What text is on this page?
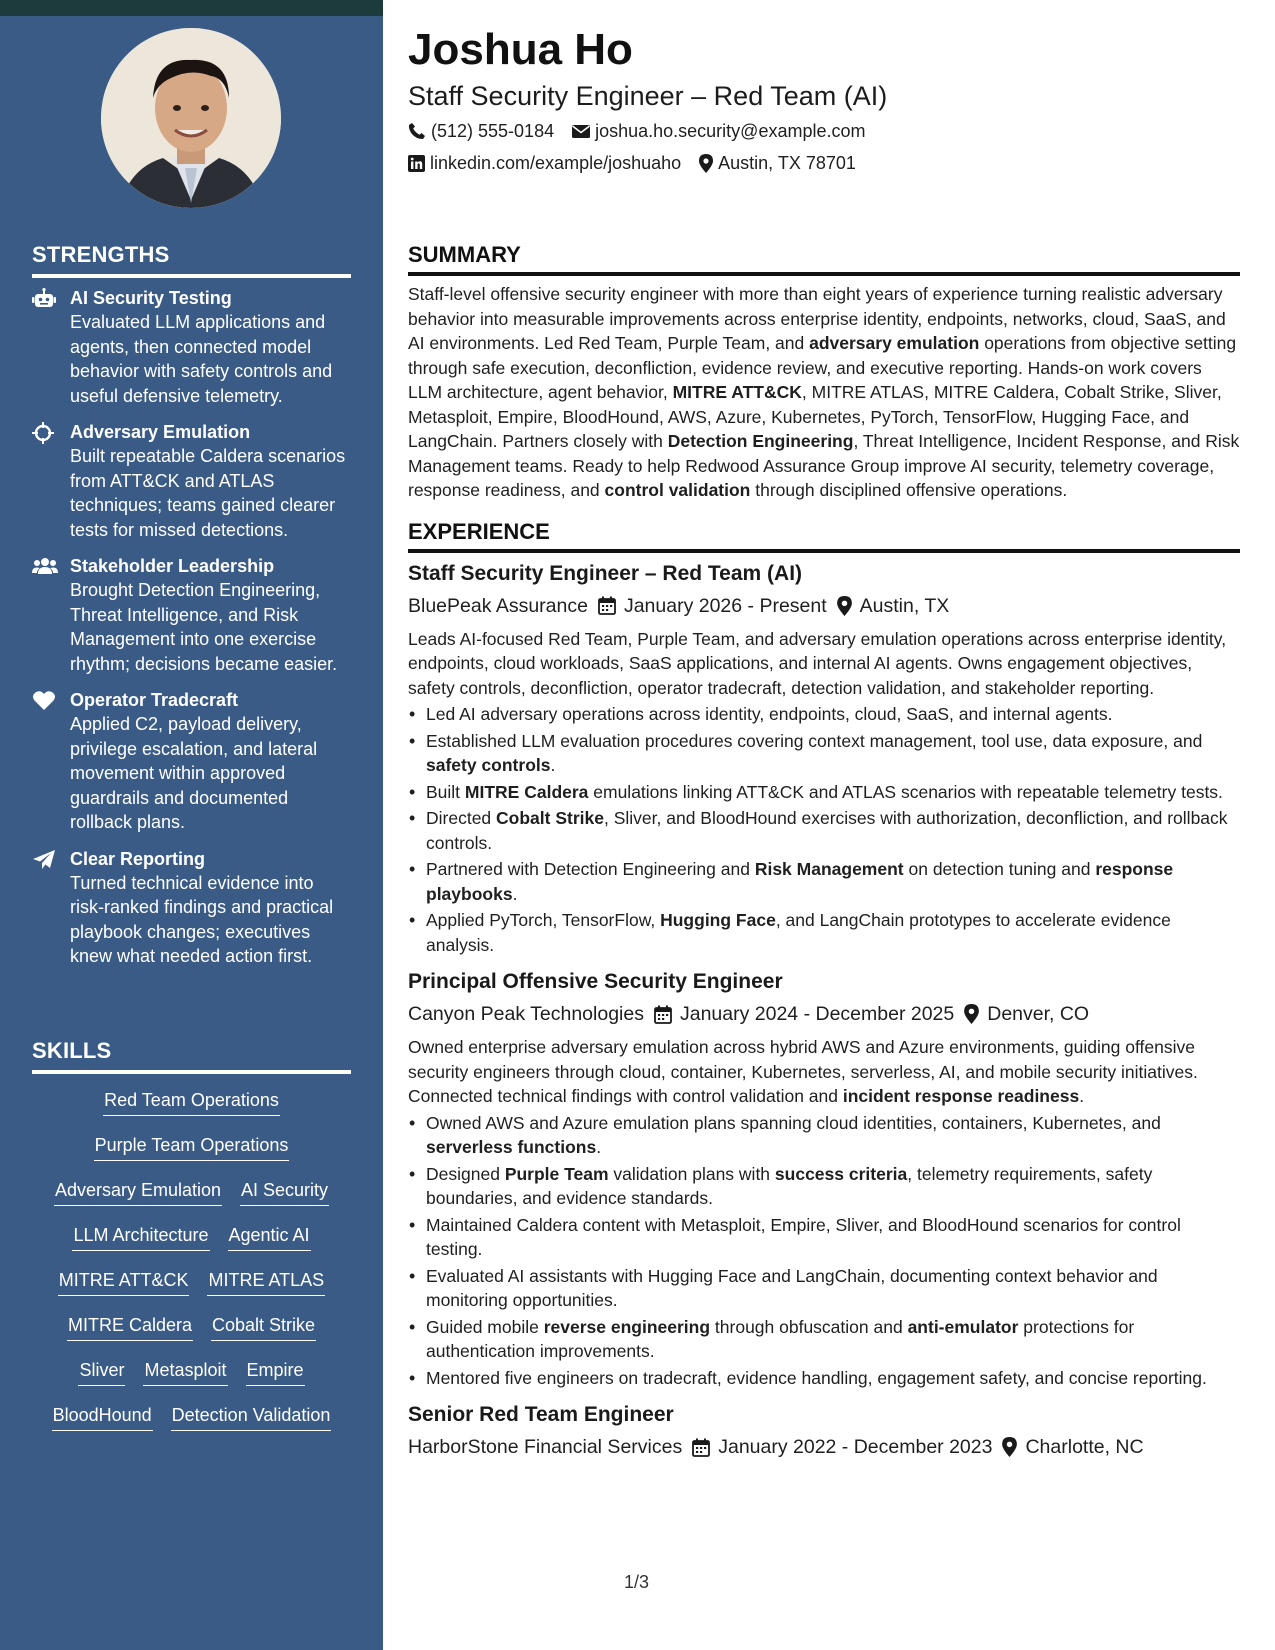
STRENGTHS
AI Security Testing
Evaluated LLM applications and agents, then connected model behavior with safety controls and useful defensive telemetry.
Adversary Emulation
Built repeatable Caldera scenarios from ATT&CK and ATLAS techniques; teams gained clearer tests for missed detections.
Stakeholder Leadership
Brought Detection Engineering, Threat Intelligence, and Risk Management into one exercise rhythm; decisions became easier.
Operator Tradecraft
Applied C2, payload delivery, privilege escalation, and lateral movement within approved guardrails and documented rollback plans.
Clear Reporting
Turned technical evidence into risk-ranked findings and practical playbook changes; executives knew what needed action first.
SKILLS
Red Team Operations
Purple Team Operations
Adversary Emulation AI Security
LLM Architecture Agentic AI
MITRE ATT&CK MITRE ATLAS
MITRE Caldera Cobalt Strike
Sliver Metasploit Empire
BloodHound Detection Validation
Joshua Ho
Staff Security Engineer – Red Team (AI)
(512) 555-0184 joshua.ho.security@example.com
linkedin.com/example/joshuaho Austin, TX 78701
SUMMARY

Staff-level offensive security engineer with more than eight years of experience turning realistic adversary behavior into measurable improvements across enterprise identity, endpoints, networks, cloud, SaaS, and AI environments. Led Red Team, Purple Team, and adversary emulation operations from objective setting through safe execution, deconfliction, evidence review, and executive reporting. Hands-on work covers LLM architecture, agent behavior, MITRE ATT&CK, MITRE ATLAS, MITRE Caldera, Cobalt Strike, Sliver, Metasploit, Empire, BloodHound, AWS, Azure, Kubernetes, PyTorch, TensorFlow, Hugging Face, and LangChain. Partners closely with Detection Engineering, Threat Intelligence, Incident Response, and Risk Management teams. Ready to help Redwood Assurance Group improve AI security, telemetry coverage, response readiness, and control validation through disciplined offensive operations.

EXPERIENCE
Staff Security Engineer – Red Team (AI)
BluePeak Assurance January 2026 - Present Austin, TX

Leads AI-focused Red Team, Purple Team, and adversary emulation operations across enterprise identity, endpoints, cloud workloads, SaaS applications, and internal AI agents. Owns engagement objectives, safety controls, deconfliction, operator tradecraft, detection validation, and stakeholder reporting.

• Led AI adversary operations across identity, endpoints, cloud, SaaS, and internal agents.
• Established LLM evaluation procedures covering context management, tool use, data exposure, and safety controls.
• Built MITRE Caldera emulations linking ATT&CK and ATLAS scenarios with repeatable telemetry tests.
• Directed Cobalt Strike, Sliver, and BloodHound exercises with authorization, deconfliction, and rollback controls.
• Partnered with Detection Engineering and Risk Management on detection tuning and response playbooks.
• Applied PyTorch, TensorFlow, Hugging Face, and LangChain prototypes to accelerate evidence analysis.
Principal Offensive Security Engineer
Canyon Peak Technologies January 2024 - December 2025 Denver, CO

Owned enterprise adversary emulation across hybrid AWS and Azure environments, guiding offensive security engineers through cloud, container, Kubernetes, serverless, AI, and mobile security initiatives. Connected technical findings with control validation and incident response readiness.

• Owned AWS and Azure emulation plans spanning cloud identities, containers, Kubernetes, and serverless functions.
• Designed Purple Team validation plans with success criteria, telemetry requirements, safety boundaries, and evidence standards.
• Maintained Caldera content with Metasploit, Empire, Sliver, and BloodHound scenarios for control testing.
• Evaluated AI assistants with Hugging Face and LangChain, documenting context behavior and monitoring opportunities.
• Guided mobile reverse engineering through obfuscation and anti-emulator protections for authentication improvements.
• Mentored five engineers on tradecraft, evidence handling, engagement safety, and concise reporting.
Senior Red Team Engineer
HarborStone Financial Services January 2022 - December 2023 Charlotte, NC
1/3
